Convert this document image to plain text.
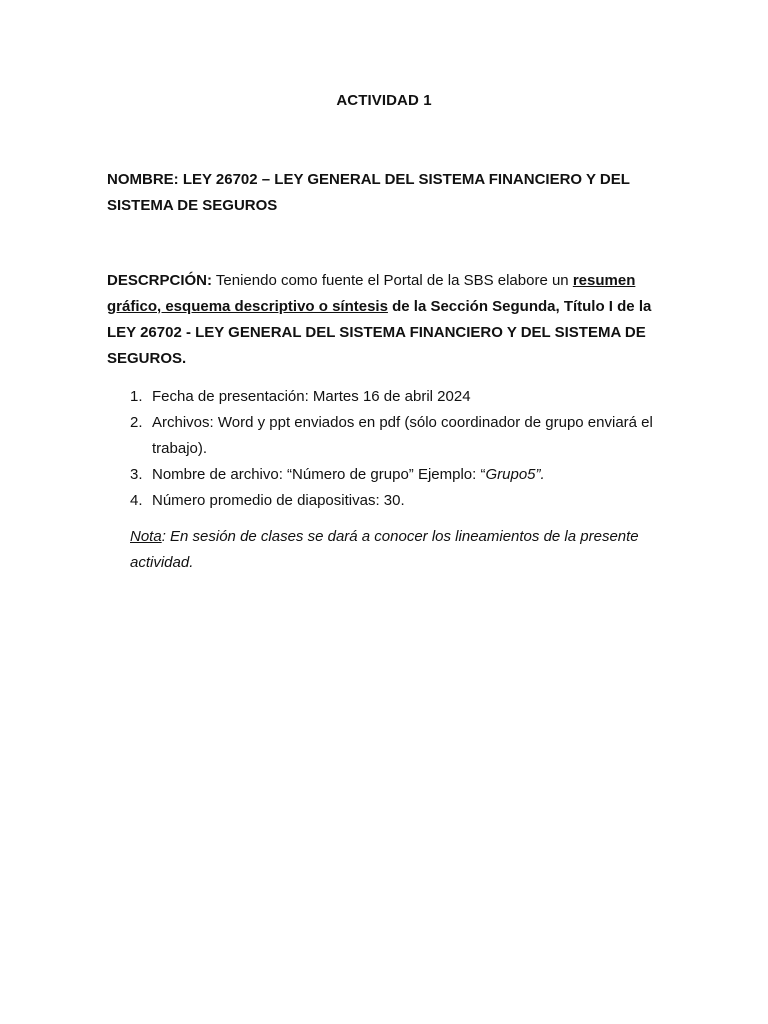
ACTIVIDAD 1
NOMBRE: LEY 26702 – LEY GENERAL DEL SISTEMA FINANCIERO Y DEL SISTEMA DE SEGUROS
DESCRPCIÓN: Teniendo como fuente el Portal de la SBS elabore un resumen gráfico, esquema descriptivo o síntesis de la Sección Segunda, Título I de la LEY 26702 - LEY GENERAL DEL SISTEMA FINANCIERO Y DEL SISTEMA DE SEGUROS.
1. Fecha de presentación: Martes 16 de abril 2024
2. Archivos: Word y ppt enviados en pdf (sólo coordinador de grupo enviará el trabajo).
3. Nombre de archivo: “Número de grupo” Ejemplo: “Grupo5”.
4. Número promedio de diapositivas: 30.
Nota: En sesión de clases se dará a conocer los lineamientos de la presente actividad.
